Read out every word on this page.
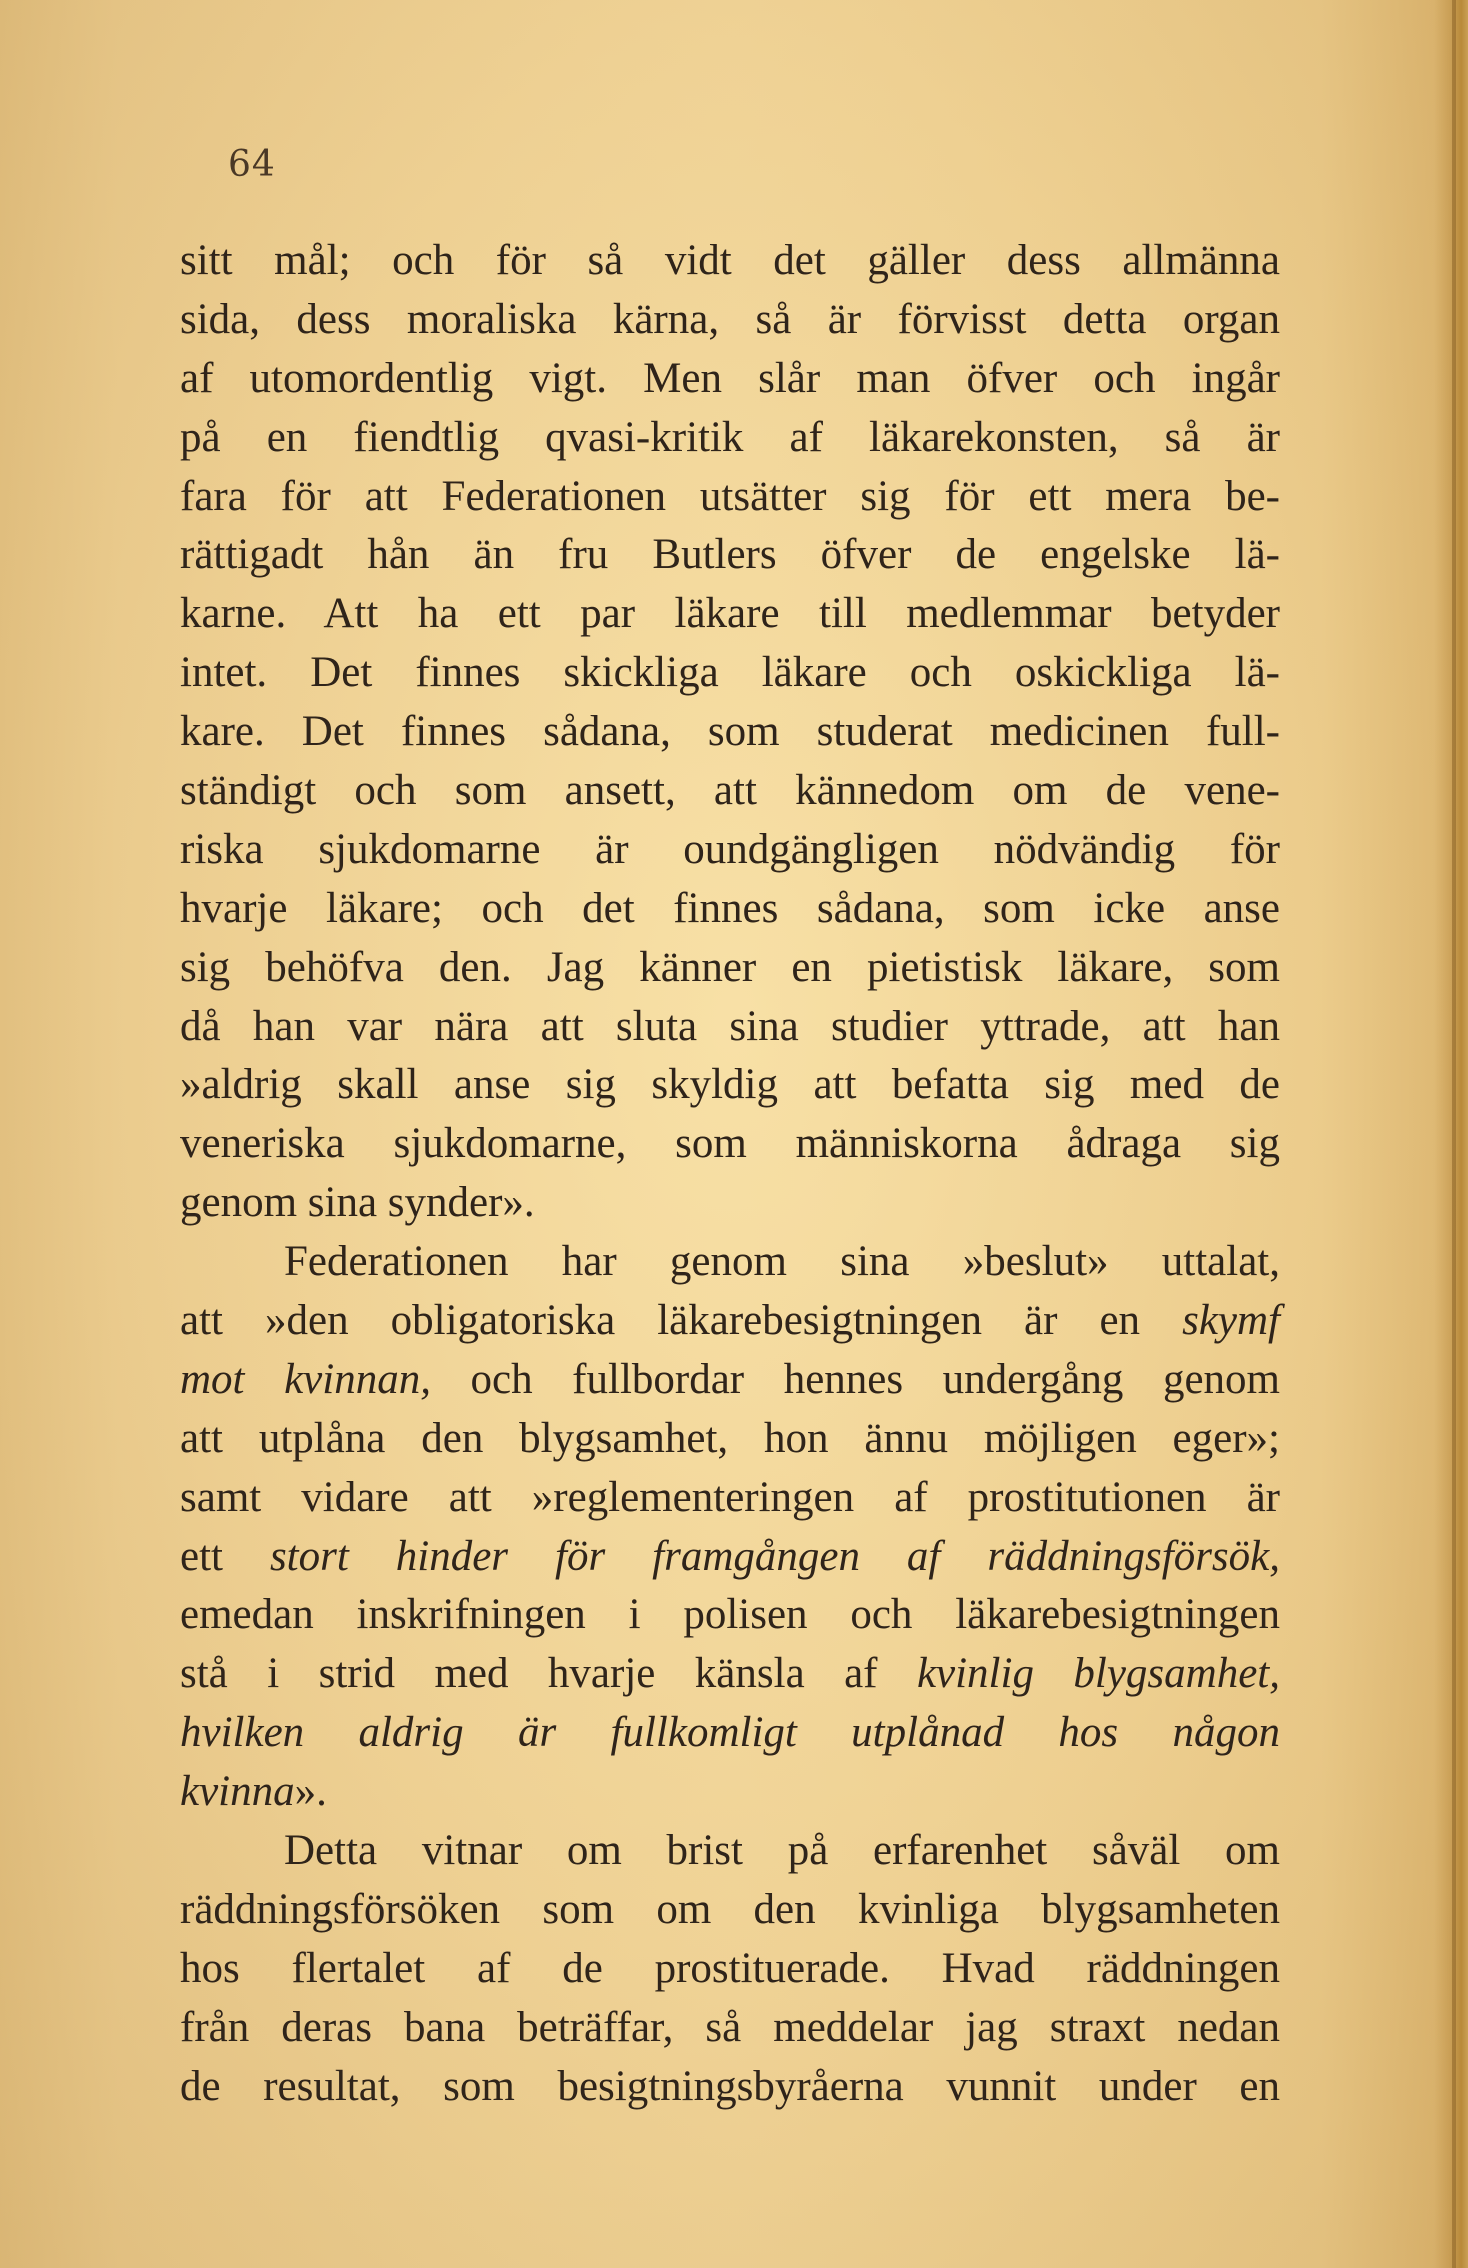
64
sitt mål; och för så vidt det gäller dess allmänna
sida, dess moraliska kärna, så är förvisst detta organ
af utomordentlig vigt. Men slår man öfver och ingår
på en fiendtlig qvasi-kritik af läkarekonsten, så är
fara för att Federationen utsätter sig för ett mera be-
rättigadt hån än fru Butlers öfver de engelske lä-
karne. Att ha ett par läkare till medlemmar betyder
intet. Det finnes skickliga läkare och oskickliga lä-
kare. Det finnes sådana, som studerat medicinen full-
ständigt och som ansett, att kännedom om de vene-
riska sjukdomarne är oundgängligen nödvändig för
hvarje läkare; och det finnes sådana, som icke anse
sig behöfva den. Jag känner en pietistisk läkare, som
då han var nära att sluta sina studier yttrade, att han
»aldrig skall anse sig skyldig att befatta sig med de
veneriska sjukdomarne, som människorna ådraga sig
genom sina synder».
Federationen har genom sina »beslut» uttalat,
att »den obligatoriska läkarebesigtningen är en skymf
mot kvinnan, och fullbordar hennes undergång genom
att utplåna den blygsamhet, hon ännu möjligen eger»;
samt vidare att »reglementeringen af prostitutionen är
ett stort hinder för framgången af räddningsförsök,
emedan inskrifningen i polisen och läkarebesigtningen
stå i strid med hvarje känsla af kvinlig blygsamhet,
hvilken aldrig är fullkomligt utplånad hos någon
kvinna».
Detta vitnar om brist på erfarenhet såväl om
räddningsförsöken som om den kvinliga blygsamheten
hos flertalet af de prostituerade. Hvad räddningen
från deras bana beträffar, så meddelar jag straxt nedan
de resultat, som besigtningsbyråerna vunnit under en
